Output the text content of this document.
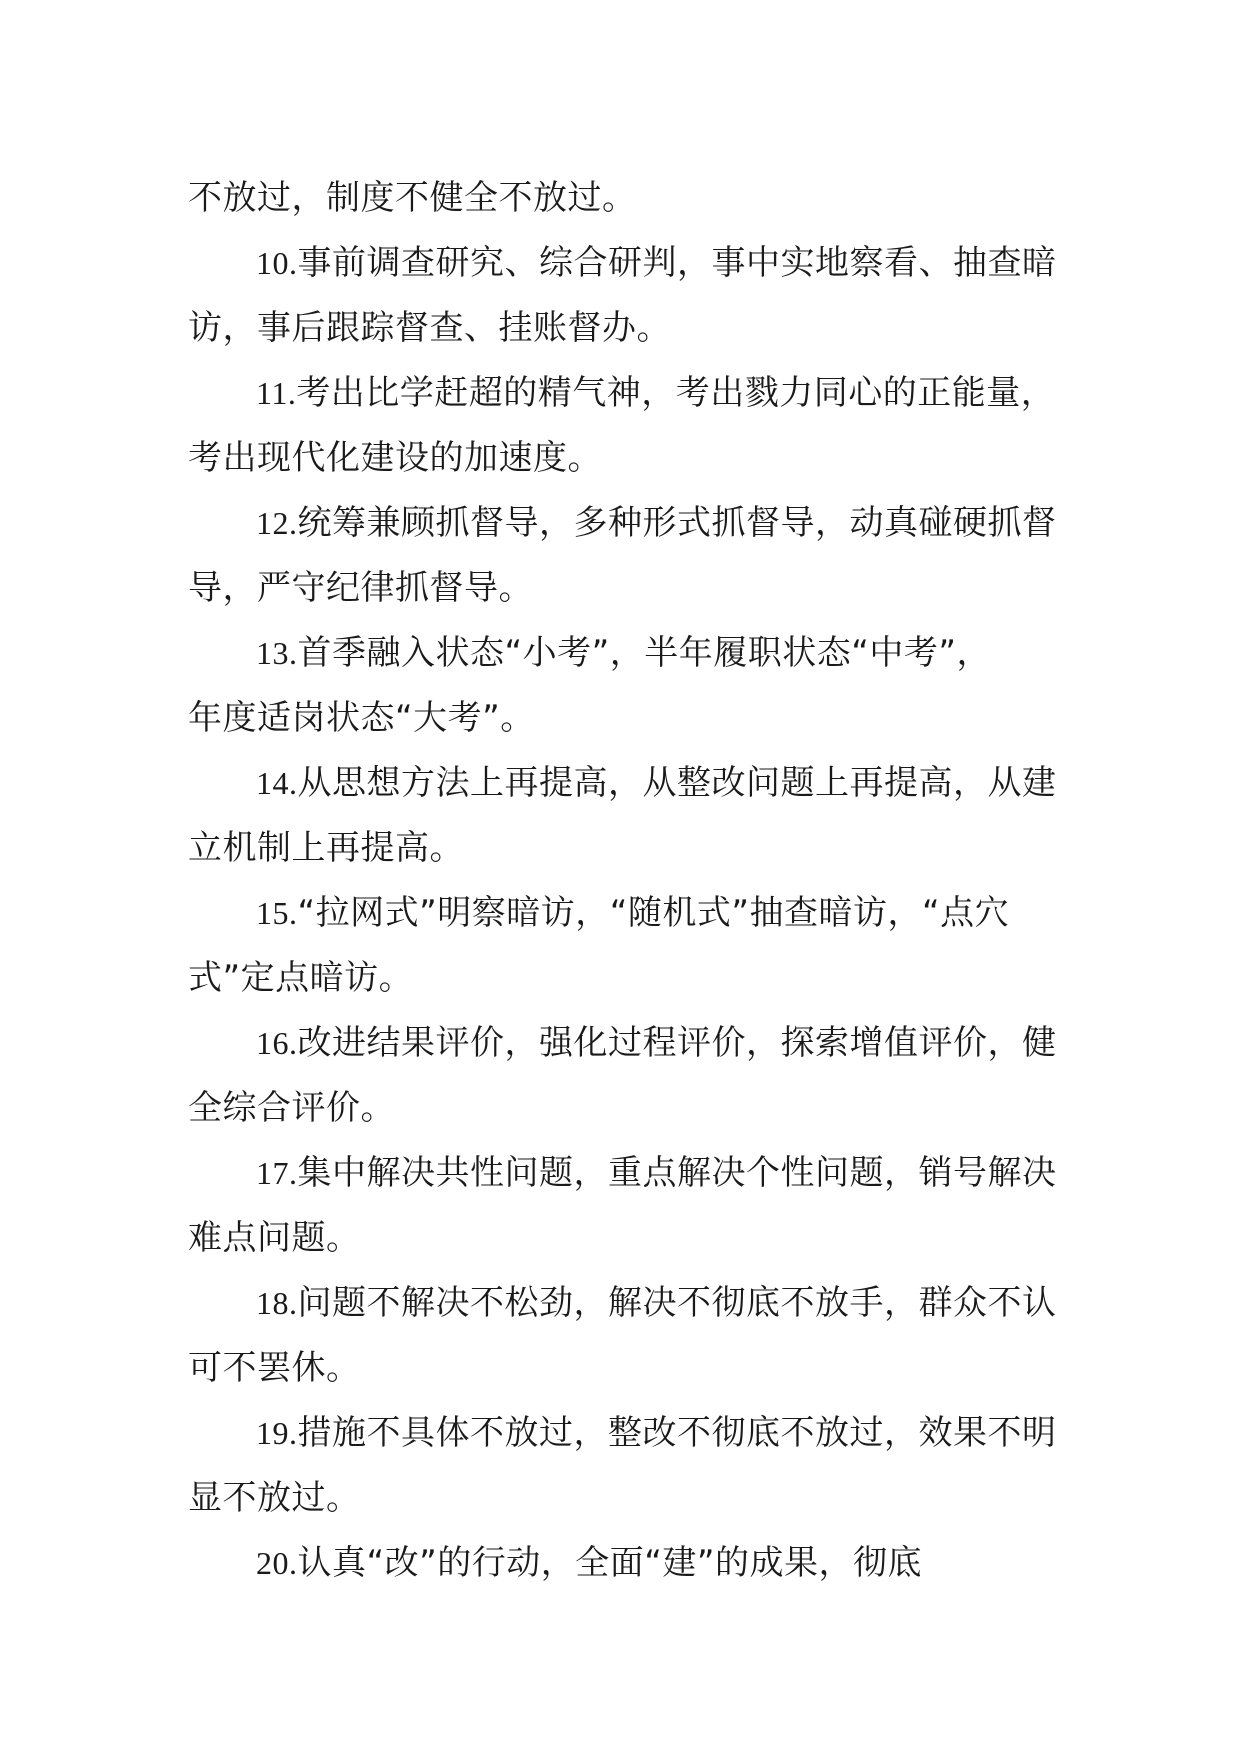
不放过，制度不健全不放过。
10.事前调查研究、综合研判，事中实地察看、抽查暗
访，事后跟踪督查、挂账督办。
11.考出比学赶超的精气神，考出戮力同心的正能量，
考出现代化建设的加速度。
12.统筹兼顾抓督导，多种形式抓督导，动真碰硬抓督
导，严守纪律抓督导。
13.首季融入状态“小考”，半年履职状态“中考”，
年度适岗状态“大考”。
14.从思想方法上再提高，从整改问题上再提高，从建
立机制上再提高。
15.“拉网式”明察暗访，“随机式”抽查暗访，“点穴
式”定点暗访。
16.改进结果评价，强化过程评价，探索增值评价，健
全综合评价。
17.集中解决共性问题，重点解决个性问题，销号解决
难点问题。
18.问题不解决不松劲，解决不彻底不放手，群众不认
可不罢休。
19.措施不具体不放过，整改不彻底不放过，效果不明
显不放过。
20.认真“改”的行动，全面“建”的成果，彻底
